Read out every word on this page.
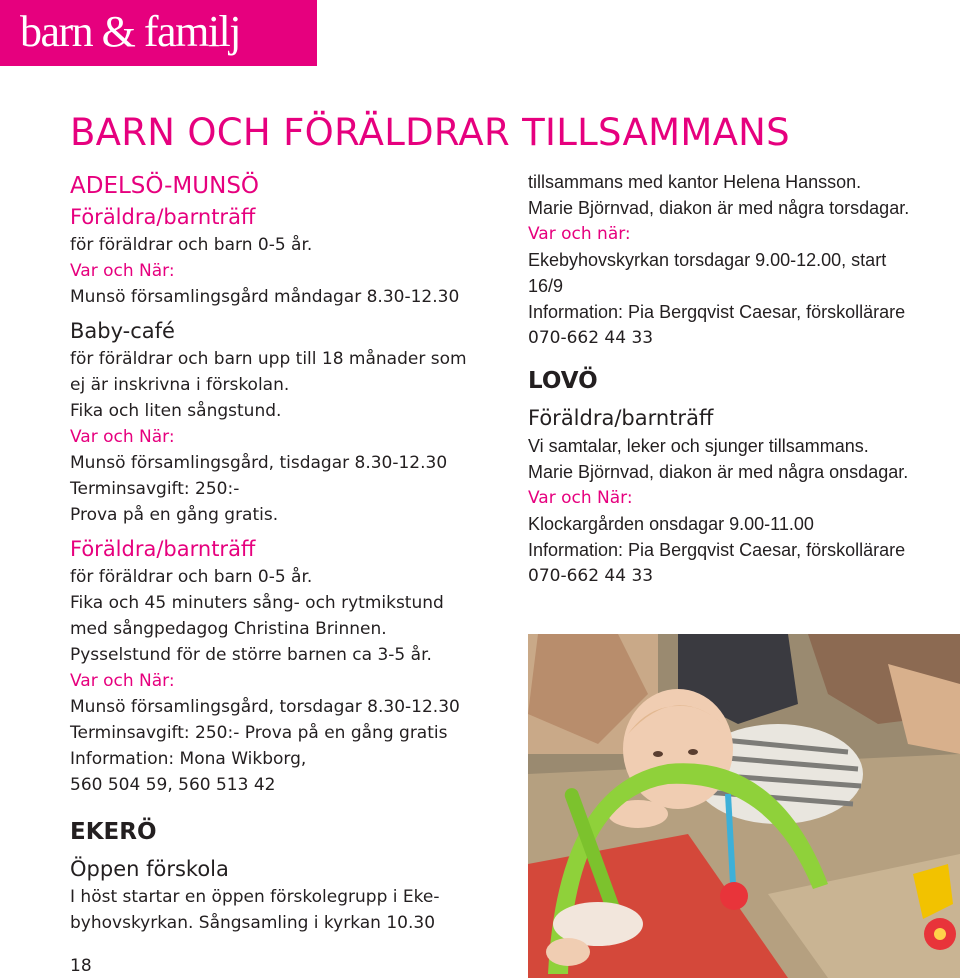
barn & familj
BARN OCH FÖRÄLDRAR TILLSAMMANS
ADELSÖ-MUNSÖ
Föräldra/barnträff
för föräldrar och barn 0-5 år.
Var och När:
Munsö församlingsgård måndagar 8.30-12.30
Baby-café
för föräldrar och barn upp till 18 månader som
ej är inskrivna i förskolan.
Fika och liten sångstund.
Var och När:
Munsö församlingsgård, tisdagar 8.30-12.30
Terminsavgift: 250:-
Prova på en gång gratis.
Föräldra/barnträff
för föräldrar och barn 0-5 år.
Fika och 45 minuters sång- och rytmikstund
med sångpedagog Christina Brinnen.
Pysselstund för de större barnen ca 3-5 år.
Var och När:
Munsö församlingsgård, torsdagar 8.30-12.30
Terminsavgift: 250:- Prova på en gång gratis
Information: Mona Wikborg,
560 504 59, 560 513 42
EKERÖ
Öppen förskola
I höst startar en öppen förskolegrupp i Eke-
byhovskyrkan. Sångsamling i kyrkan 10.30
18
tillsammans med kantor Helena Hansson.
Marie Björnvad, diakon är med några torsdagar.
Var och när:
Ekebyhovskyrkan torsdagar 9.00-12.00, start
16/9
Information: Pia Bergqvist Caesar, förskollärare
070-662 44 33
LOVÖ
Föräldra/barnträff
Vi samtalar, leker och sjunger tillsammans.
Marie Björnvad, diakon är med några onsdagar.
Var och När:
Klockargården onsdagar 9.00-11.00
Information: Pia Bergqvist Caesar, förskollärare
070-662 44 33
